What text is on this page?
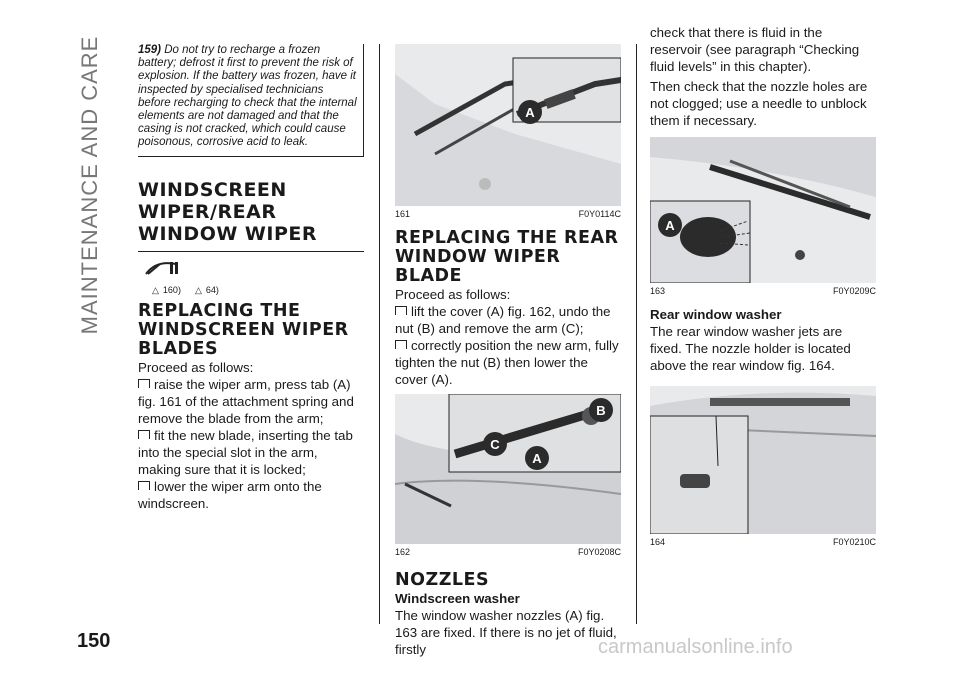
MAINTENANCE AND CARE	159) Do not try to recharge a frozen battery; defrost it first to prevent the risk of explosion. If the battery was frozen, have it inspected by specialised technicians before recharging to check that the internal elements are not damaged and that the casing is not cracked, which could cause poisonous, corrosive acid to leak.
WINDSCREEN WIPER/REAR WINDOW WIPER
△ 160) △ 64)
REPLACING THE WINDSCREEN WIPER BLADES

Proceed as follows:

raise the wiper arm, press tab (A) fig. 161 of the attachment spring and remove the blade from the arm;

fit the new blade, inserting the tab into the special slot in the arm, making sure that it is locked;

lower the wiper arm onto the windscreen.

A
161	F0Y0114C
REPLACING THE REAR WINDOW WIPER BLADE

Proceed as follows:

lift the cover (A) fig. 162, undo the nut (B) and remove the arm (C);

correctly position the new arm, fully tighten the nut (B) then lower the cover (A).

B
C
A
162	F0Y0208C
NOZZLES
Windscreen washer

The window washer nozzles (A) fig. 163 are fixed. If there is no jet of fluid, firstly

check that there is fluid in the reservoir (see paragraph “Checking fluid levels” in this chapter).

Then check that the nozzle holes are not clogged; use a needle to unblock them if necessary.

A
163	F0Y0209C
Rear window washer

The rear window washer jets are fixed. The nozzle holder is located above the rear window fig. 164.

164	F0Y0210C
150	carmanualsonline.info
